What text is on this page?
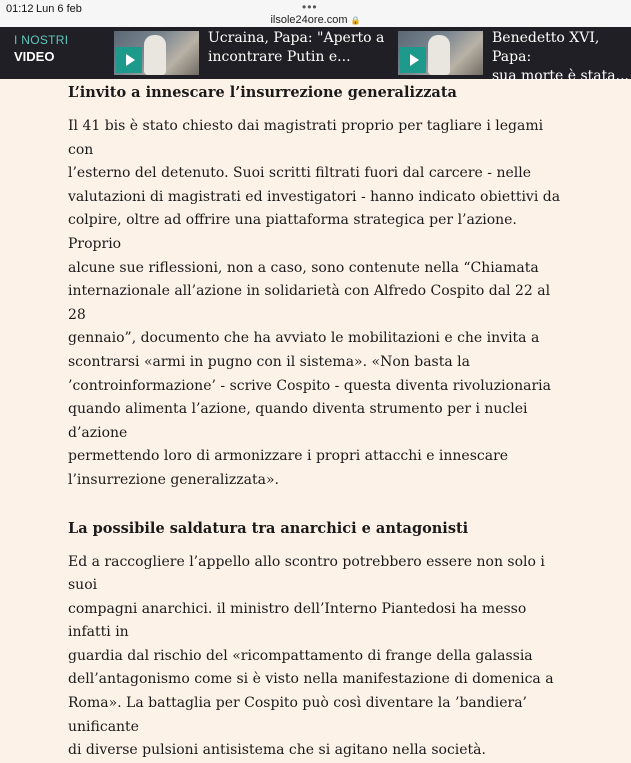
01:12 Lun 6 feb	•••
ilsole24ore.com 🔒
I NOSTRI
VIDEO
Ucraina, Papa: "Aperto a
incontrare Putin e...
Benedetto XVI, Papa:
sua morte è stata...
L’invito a innescare l’insurrezione generalizzata

Il 41 bis è stato chiesto dai magistrati proprio per tagliare i legami con
l’esterno del detenuto. Suoi scritti filtrati fuori dal carcere - nelle
valutazioni di magistrati ed investigatori - hanno indicato obiettivi da
colpire, oltre ad offrire una piattaforma strategica per l’azione. Proprio
alcune sue riflessioni, non a caso, sono contenute nella “Chiamata
internazionale all’azione in solidarietà con Alfredo Cospito dal 22 al 28
gennaio”, documento che ha avviato le mobilitazioni e che invita a
scontrarsi «armi in pugno con il sistema». «Non basta la
’controinformazione’ - scrive Cospito - questa diventa rivoluzionaria
quando alimenta l’azione, quando diventa strumento per i nuclei d’azione
permettendo loro di armonizzare i propri attacchi e innescare
l’insurrezione generalizzata».

La possibile saldatura tra anarchici e antagonisti

Ed a raccogliere l’appello allo scontro potrebbero essere non solo i suoi
compagni anarchici. il ministro dell’Interno Piantedosi ha messo infatti in
guardia dal rischio del «ricompattamento di frange della galassia
dell’antagonismo come si è visto nella manifestazione di domenica a
Roma». La battaglia per Cospito può così diventare la ’bandiera’ unificante
di diverse pulsioni antisistema che si agitano nella società.
